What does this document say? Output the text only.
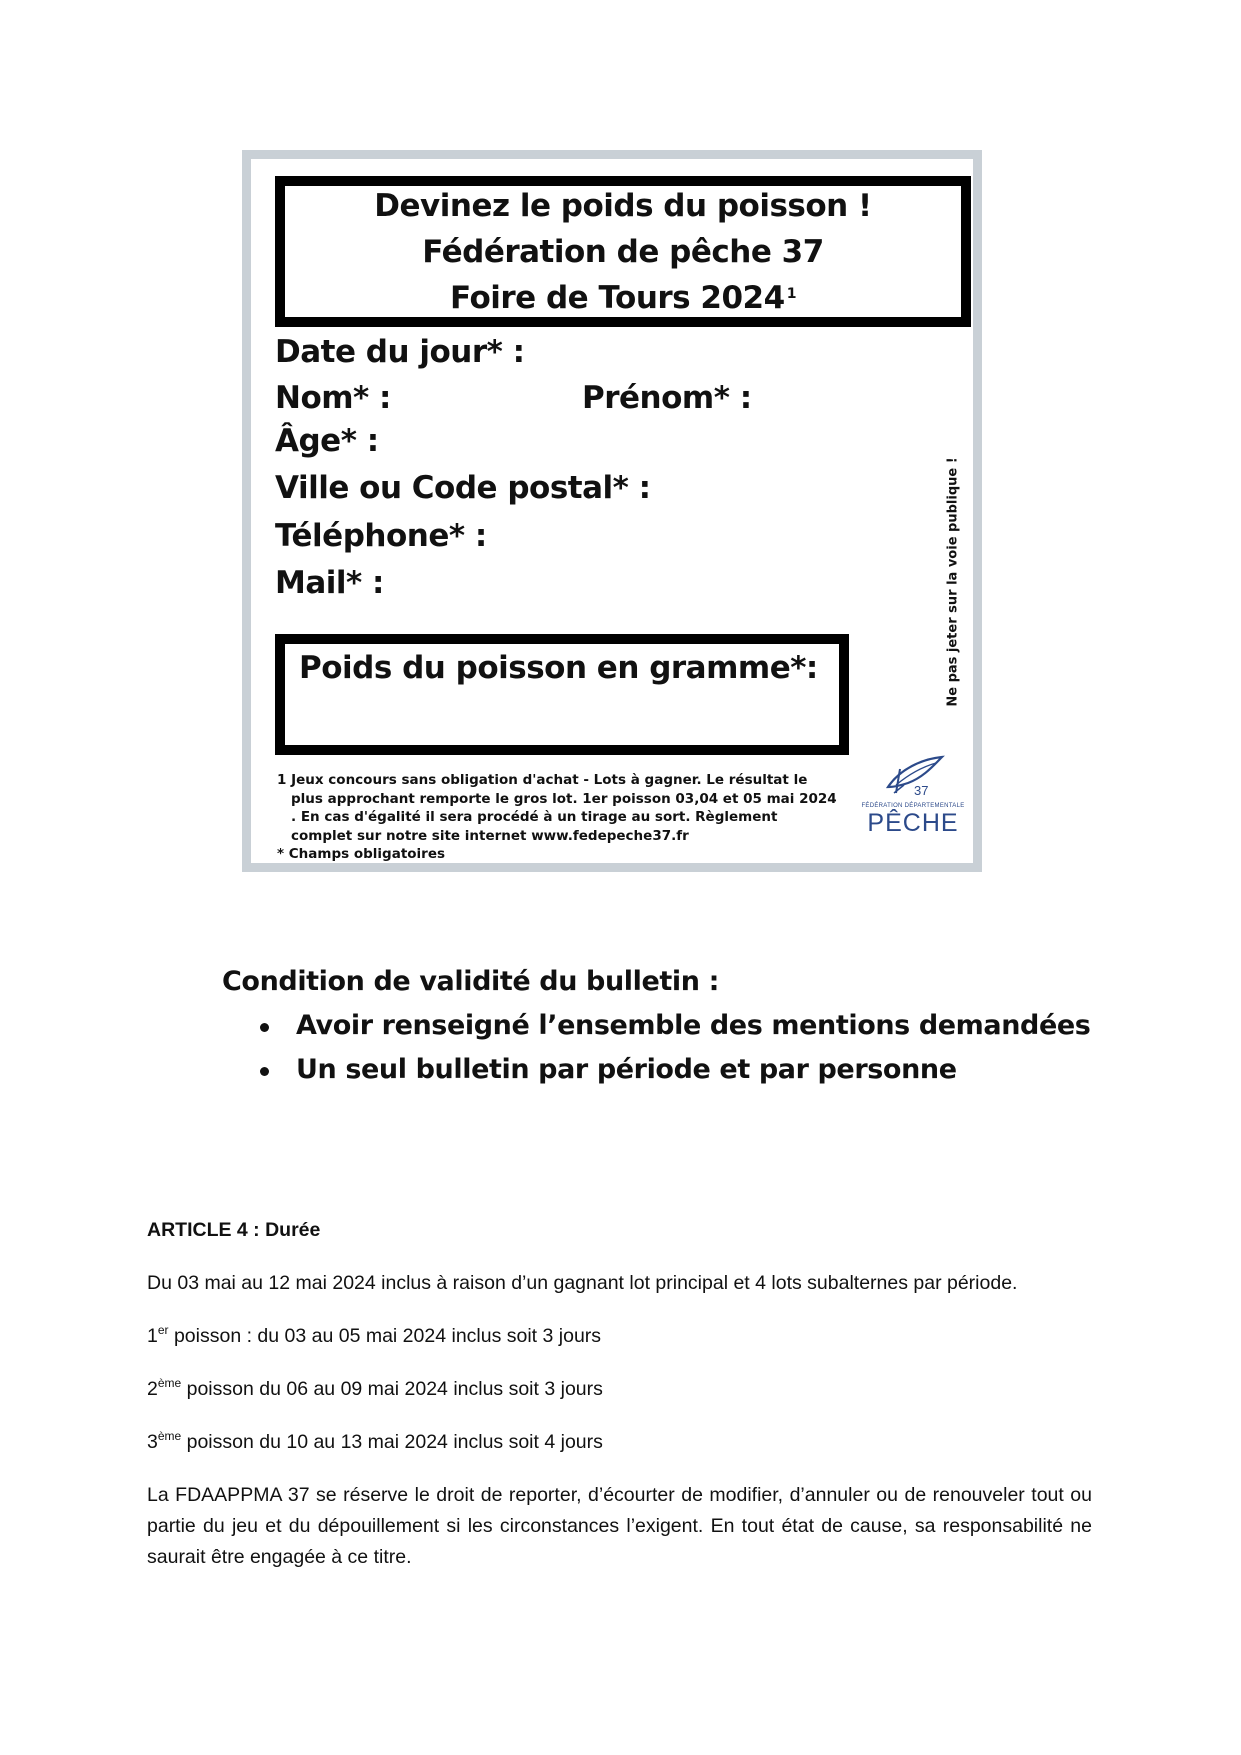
Devinez le poids du poisson !
Fédération de pêche 37
Foire de Tours 2024 $^1$
Date du jour* :
Nom* :	Prénom* :
Âge* :
Ville ou Code postal* :
Téléphone* :
Mail* :
Poids du poisson en gramme*:	Ne pas jeter sur la voie publique !
1 Jeux concours sans obligation d'achat - Lots à gagner. Le résultat le plus approchant remporte le gros lot. 1er poisson 03,04 et 05 mai 2024 . En cas d'égalité il sera procédé à un tirage au sort. Règlement complet sur notre site internet www.fedepeche37.fr
* Champs obligatoires
37
FÉDÉRATION DÉPARTEMENTALE
PÊCHE
Condition de validité du bulletin :
Avoir renseigné l’ensemble des mentions demandées
Un seul bulletin par période et par personne
ARTICLE 4 : Durée

Du 03 mai au 12 mai 2024 inclus à raison d’un gagnant lot principal et 4 lots subalternes par période.

1er poisson : du 03 au 05 mai 2024 inclus soit 3 jours

2ème poisson du 06 au 09 mai 2024 inclus soit 3 jours

3ème poisson du 10 au 13 mai 2024 inclus soit 4 jours

La FDAAPPMA 37 se réserve le droit de reporter, d’écourter de modifier, d’annuler ou de renouveler tout ou partie du jeu et du dépouillement si les circonstances l’exigent. En tout état de cause, sa responsabilité ne saurait être engagée à ce titre.
